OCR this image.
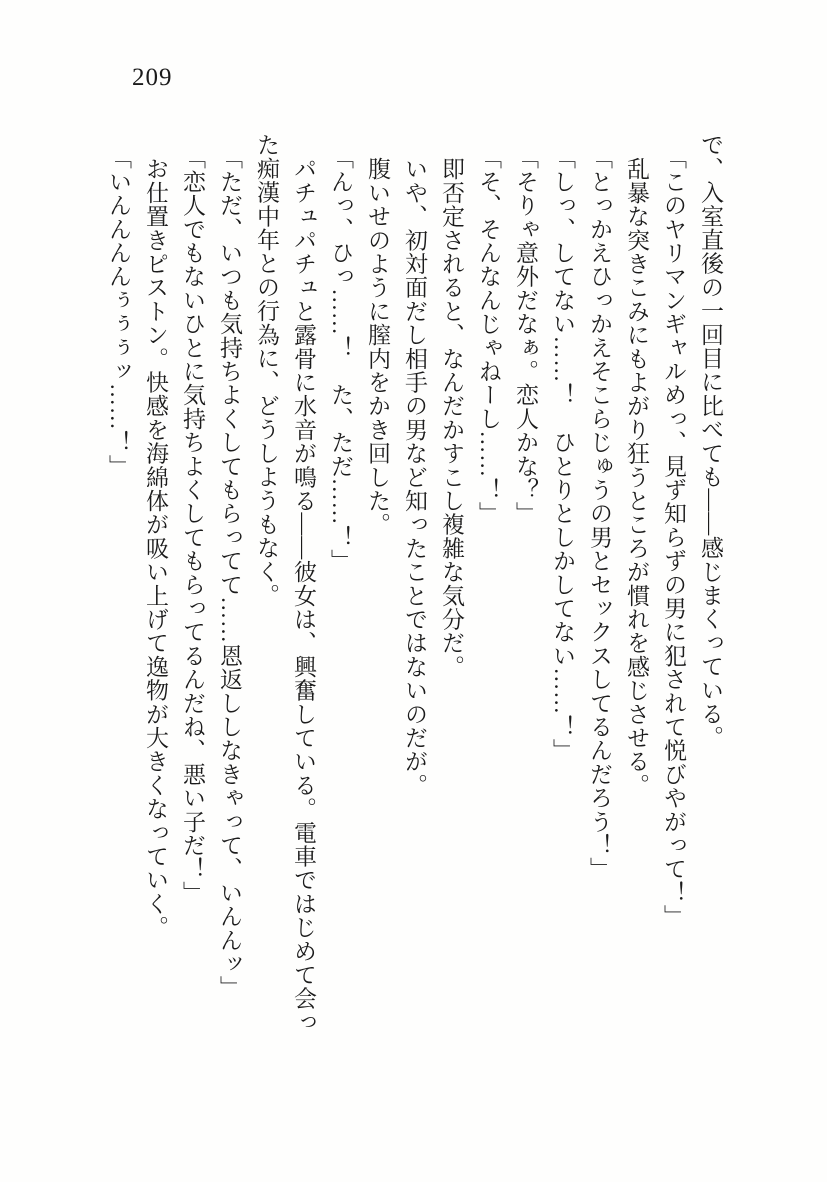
209

で、入室直後の一回目に比べても――感じまくっている。

「このヤリマンギャルめっ、見ず知らずの男に犯されて悦びやがって！」

乱暴な突きこみにもよがり狂うところが慣れを感じさせる。

「とっかえひっかえそこらじゅうの男とセックスしてるんだろう！」

「しっ、してない……！　ひとりとしかしてない……！」

「そりゃ意外だなぁ。恋人かな？」

「そ、そんなんじゃねーし……！」

即否定されると、なんだかすこし複雑な気分だ。

いや、初対面だし相手の男など知ったことではないのだが。

腹いせのように膣内をかき回した。

「んっ、ひっ……！　た、ただ……！」

パチュパチュと露骨に水音が鳴る――彼女は、興奮している。電車ではじめて会っ

た痴漢中年との行為に、どうしようもなく。

「ただ、いつも気持ちよくしてもらってて……恩返ししなきゃって、いんんッ」

「恋人でもないひとに気持ちよくしてもらってるんだね、悪い子だ！」

お仕置きピストン。快感を海綿体が吸い上げて逸物が大きくなっていく。

「いんんんんぅぅぅッ……！」
